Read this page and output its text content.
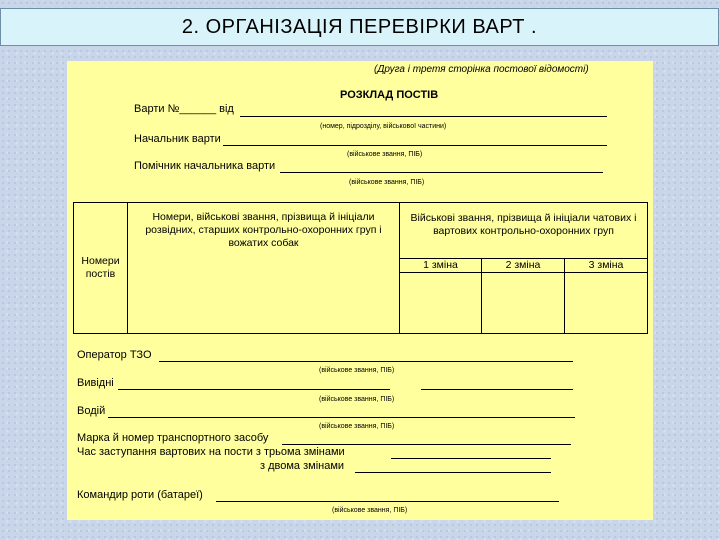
2. ОРГАНІЗАЦІЯ ПЕРЕВІРКИ ВАРТ .
(Друга і третя сторінка постової відомості)
РОЗКЛАД ПОСТІВ
Варти №______ від
(номер, підрозділу, військової частини)
Начальник варти
(військове звання, ПІБ)
Помічник начальника варти
(військове звання, ПІБ)
Номери постів	Номери, військові звання, прізвища й ініціали розвідних, старших контрольно-охоронних груп і вожатих собак	Військові звання, прізвища й ініціали чатових і вартових контрольно-охоронних груп		
		1 зміна	2 зміна	3 зміна

Оператор ТЗО
(військове звання, ПІБ)
Вивідні
(військове звання, ПІБ)
Водій
(військове звання, ПІБ)
Марка й номер транспортного засобу
Час заступання вартових на пости з трьома змінами
з двома змінами
Командир роти (батареї)
(військове звання, ПІБ)
